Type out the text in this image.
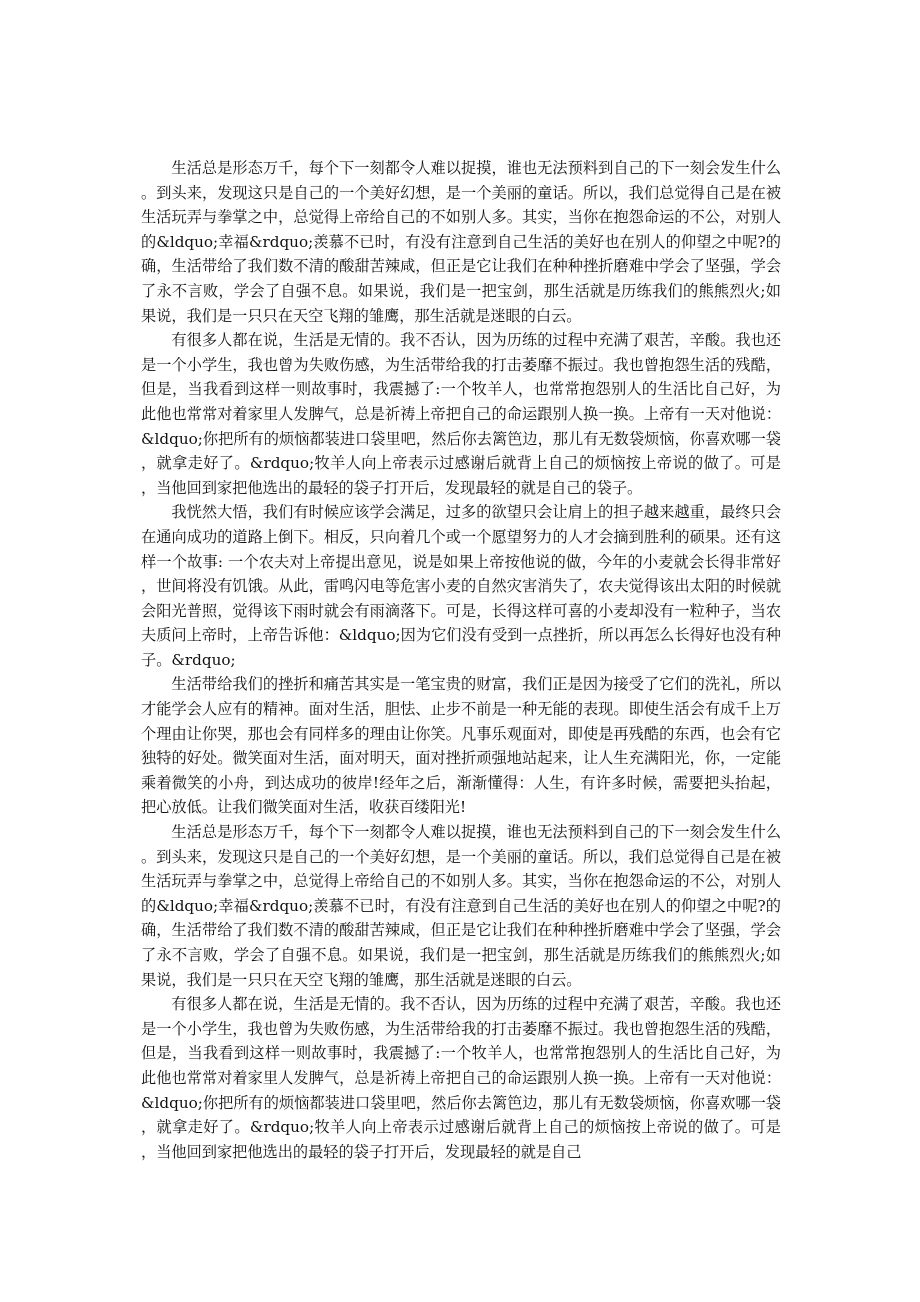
生活总是形态万千，每个下一刻都令人难以捉摸，谁也无法预料到自己的下一刻会发生什么。到头来，发现这只是自己的一个美好幻想，是一个美丽的童话。所以，我们总觉得自己是在被生活玩弄与拳掌之中，总觉得上帝给自己的不如别人多。其实，当你在抱怨命运的不公，对别人的&ldquo;幸福&rdquo;羡慕不已时，有没有注意到自己生活的美好也在别人的仰望之中呢?的确，生活带给了我们数不清的酸甜苦辣咸，但正是它让我们在种种挫折磨难中学会了坚强，学会了永不言败，学会了自强不息。如果说，我们是一把宝剑，那生活就是历练我们的熊熊烈火;如果说，我们是一只只在天空飞翔的雏鹰，那生活就是迷眼的白云。

有很多人都在说，生活是无情的。我不否认，因为历练的过程中充满了艰苦，辛酸。我也还是一个小学生，我也曾为失败伤感，为生活带给我的打击萎靡不振过。我也曾抱怨生活的残酷，但是，当我看到这样一则故事时，我震撼了:一个牧羊人，也常常抱怨别人的生活比自己好，为此他也常常对着家里人发脾气，总是祈祷上帝把自己的命运跟别人换一换。上帝有一天对他说：&ldquo;你把所有的烦恼都装进口袋里吧，然后你去篱笆边，那儿有无数袋烦恼，你喜欢哪一袋，就拿走好了。&rdquo;牧羊人向上帝表示过感谢后就背上自己的烦恼按上帝说的做了。可是，当他回到家把他选出的最轻的袋子打开后，发现最轻的就是自己的袋子。

我恍然大悟，我们有时候应该学会满足，过多的欲望只会让肩上的担子越来越重，最终只会在通向成功的道路上倒下。相反，只向着几个或一个愿望努力的人才会摘到胜利的硕果。还有这样一个故事: 一个农夫对上帝提出意见，说是如果上帝按他说的做，今年的小麦就会长得非常好，世间将没有饥饿。从此，雷鸣闪电等危害小麦的自然灾害消失了，农夫觉得该出太阳的时候就会阳光普照，觉得该下雨时就会有雨滴落下。可是，长得这样可喜的小麦却没有一粒种子，当农夫质问上帝时，上帝告诉他：&ldquo;因为它们没有受到一点挫折，所以再怎么长得好也没有种子。&rdquo;

生活带给我们的挫折和痛苦其实是一笔宝贵的财富，我们正是因为接受了它们的洗礼，所以才能学会人应有的精神。面对生活，胆怯、止步不前是一种无能的表现。即使生活会有成千上万个理由让你哭，那也会有同样多的理由让你笑。凡事乐观面对，即使是再残酷的东西，也会有它独特的好处。微笑面对生活，面对明天，面对挫折顽强地站起来，让人生充满阳光，你，一定能乘着微笑的小舟，到达成功的彼岸!经年之后，渐渐懂得：人生，有许多时候，需要把头抬起，把心放低。让我们微笑面对生活，收获百缕阳光!

生活总是形态万千，每个下一刻都令人难以捉摸，谁也无法预料到自己的下一刻会发生什么。到头来，发现这只是自己的一个美好幻想，是一个美丽的童话。所以，我们总觉得自己是在被生活玩弄与拳掌之中，总觉得上帝给自己的不如别人多。其实，当你在抱怨命运的不公，对别人的&ldquo;幸福&rdquo;羡慕不已时，有没有注意到自己生活的美好也在别人的仰望之中呢?的确，生活带给了我们数不清的酸甜苦辣咸，但正是它让我们在种种挫折磨难中学会了坚强，学会了永不言败，学会了自强不息。如果说，我们是一把宝剑，那生活就是历练我们的熊熊烈火;如果说，我们是一只只在天空飞翔的雏鹰，那生活就是迷眼的白云。

有很多人都在说，生活是无情的。我不否认，因为历练的过程中充满了艰苦，辛酸。我也还是一个小学生，我也曾为失败伤感，为生活带给我的打击萎靡不振过。我也曾抱怨生活的残酷，但是，当我看到这样一则故事时，我震撼了:一个牧羊人，也常常抱怨别人的生活比自己好，为此他也常常对着家里人发脾气，总是祈祷上帝把自己的命运跟别人换一换。上帝有一天对他说：&ldquo;你把所有的烦恼都装进口袋里吧，然后你去篱笆边，那儿有无数袋烦恼，你喜欢哪一袋，就拿走好了。&rdquo;牧羊人向上帝表示过感谢后就背上自己的烦恼按上帝说的做了。可是，当他回到家把他选出的最轻的袋子打开后，发现最轻的就是自己
